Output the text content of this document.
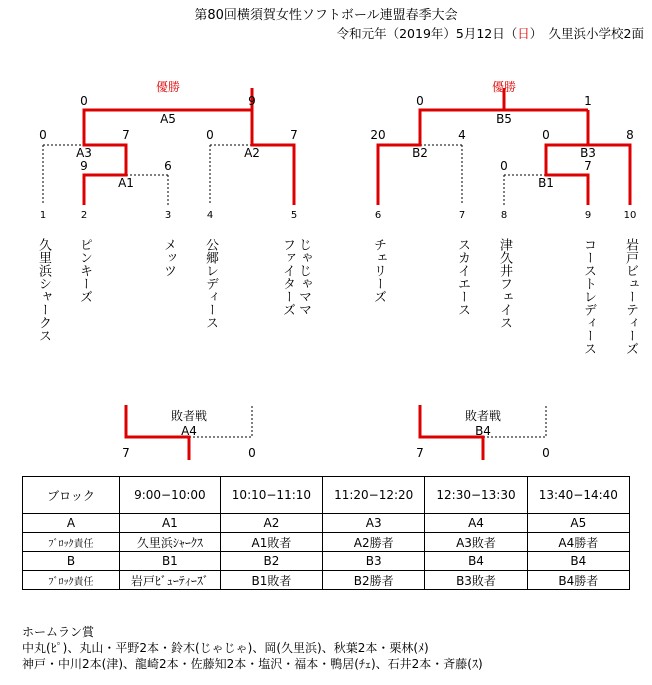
第80回横須賀女性ソフトボール連盟春季大会
令和元年（2019年）5月12日（日）　久里浜小学校2面
優勝
0	9
A5
0	7
A3
0	7
A2
9	6
A1
優勝
0	1
B5
20	4
B2
0	8
B3
0	7
B1
1	2	3	4	5	6	7	8	9	10
久里浜シャークス ピンキーズ	メッツ 公郷レディース	じゃじゃママ
ファイターズ	チェリーズ	スカイエース 津久井フェイス	コーストレディース 岩戸ビューティーズ
敗者戦
A4
7	0
敗者戦
B4
7	0
ブロック	9:00−10:00	10:10−11:10	11:20−12:20	12:30−13:30	13:40−14:40
A	A1	A2	A3	A4	A5
ﾌﾞﾛｯｸ責任	久里浜ｼｬｰｸｽ	A1敗者	A2勝者	A3敗者	A4勝者
B	B1	B2	B3	B4	B4
ﾌﾞﾛｯｸ責任	岩戸ﾋﾞｭｰﾃｨｰｽﾞ	B1敗者	B2勝者	B3敗者	B4勝者
ホームラン賞
中丸(ﾋﾟ)、丸山・平野2本・鈴木(じゃじゃ)、岡(久里浜)、秋葉2本・栗林(ﾒ)
神戸・中川2本(津)、龍崎2本・佐藤知2本・塩沢・福本・鴨居(ﾁｪ)、石井2本・斉藤(ｽ)
